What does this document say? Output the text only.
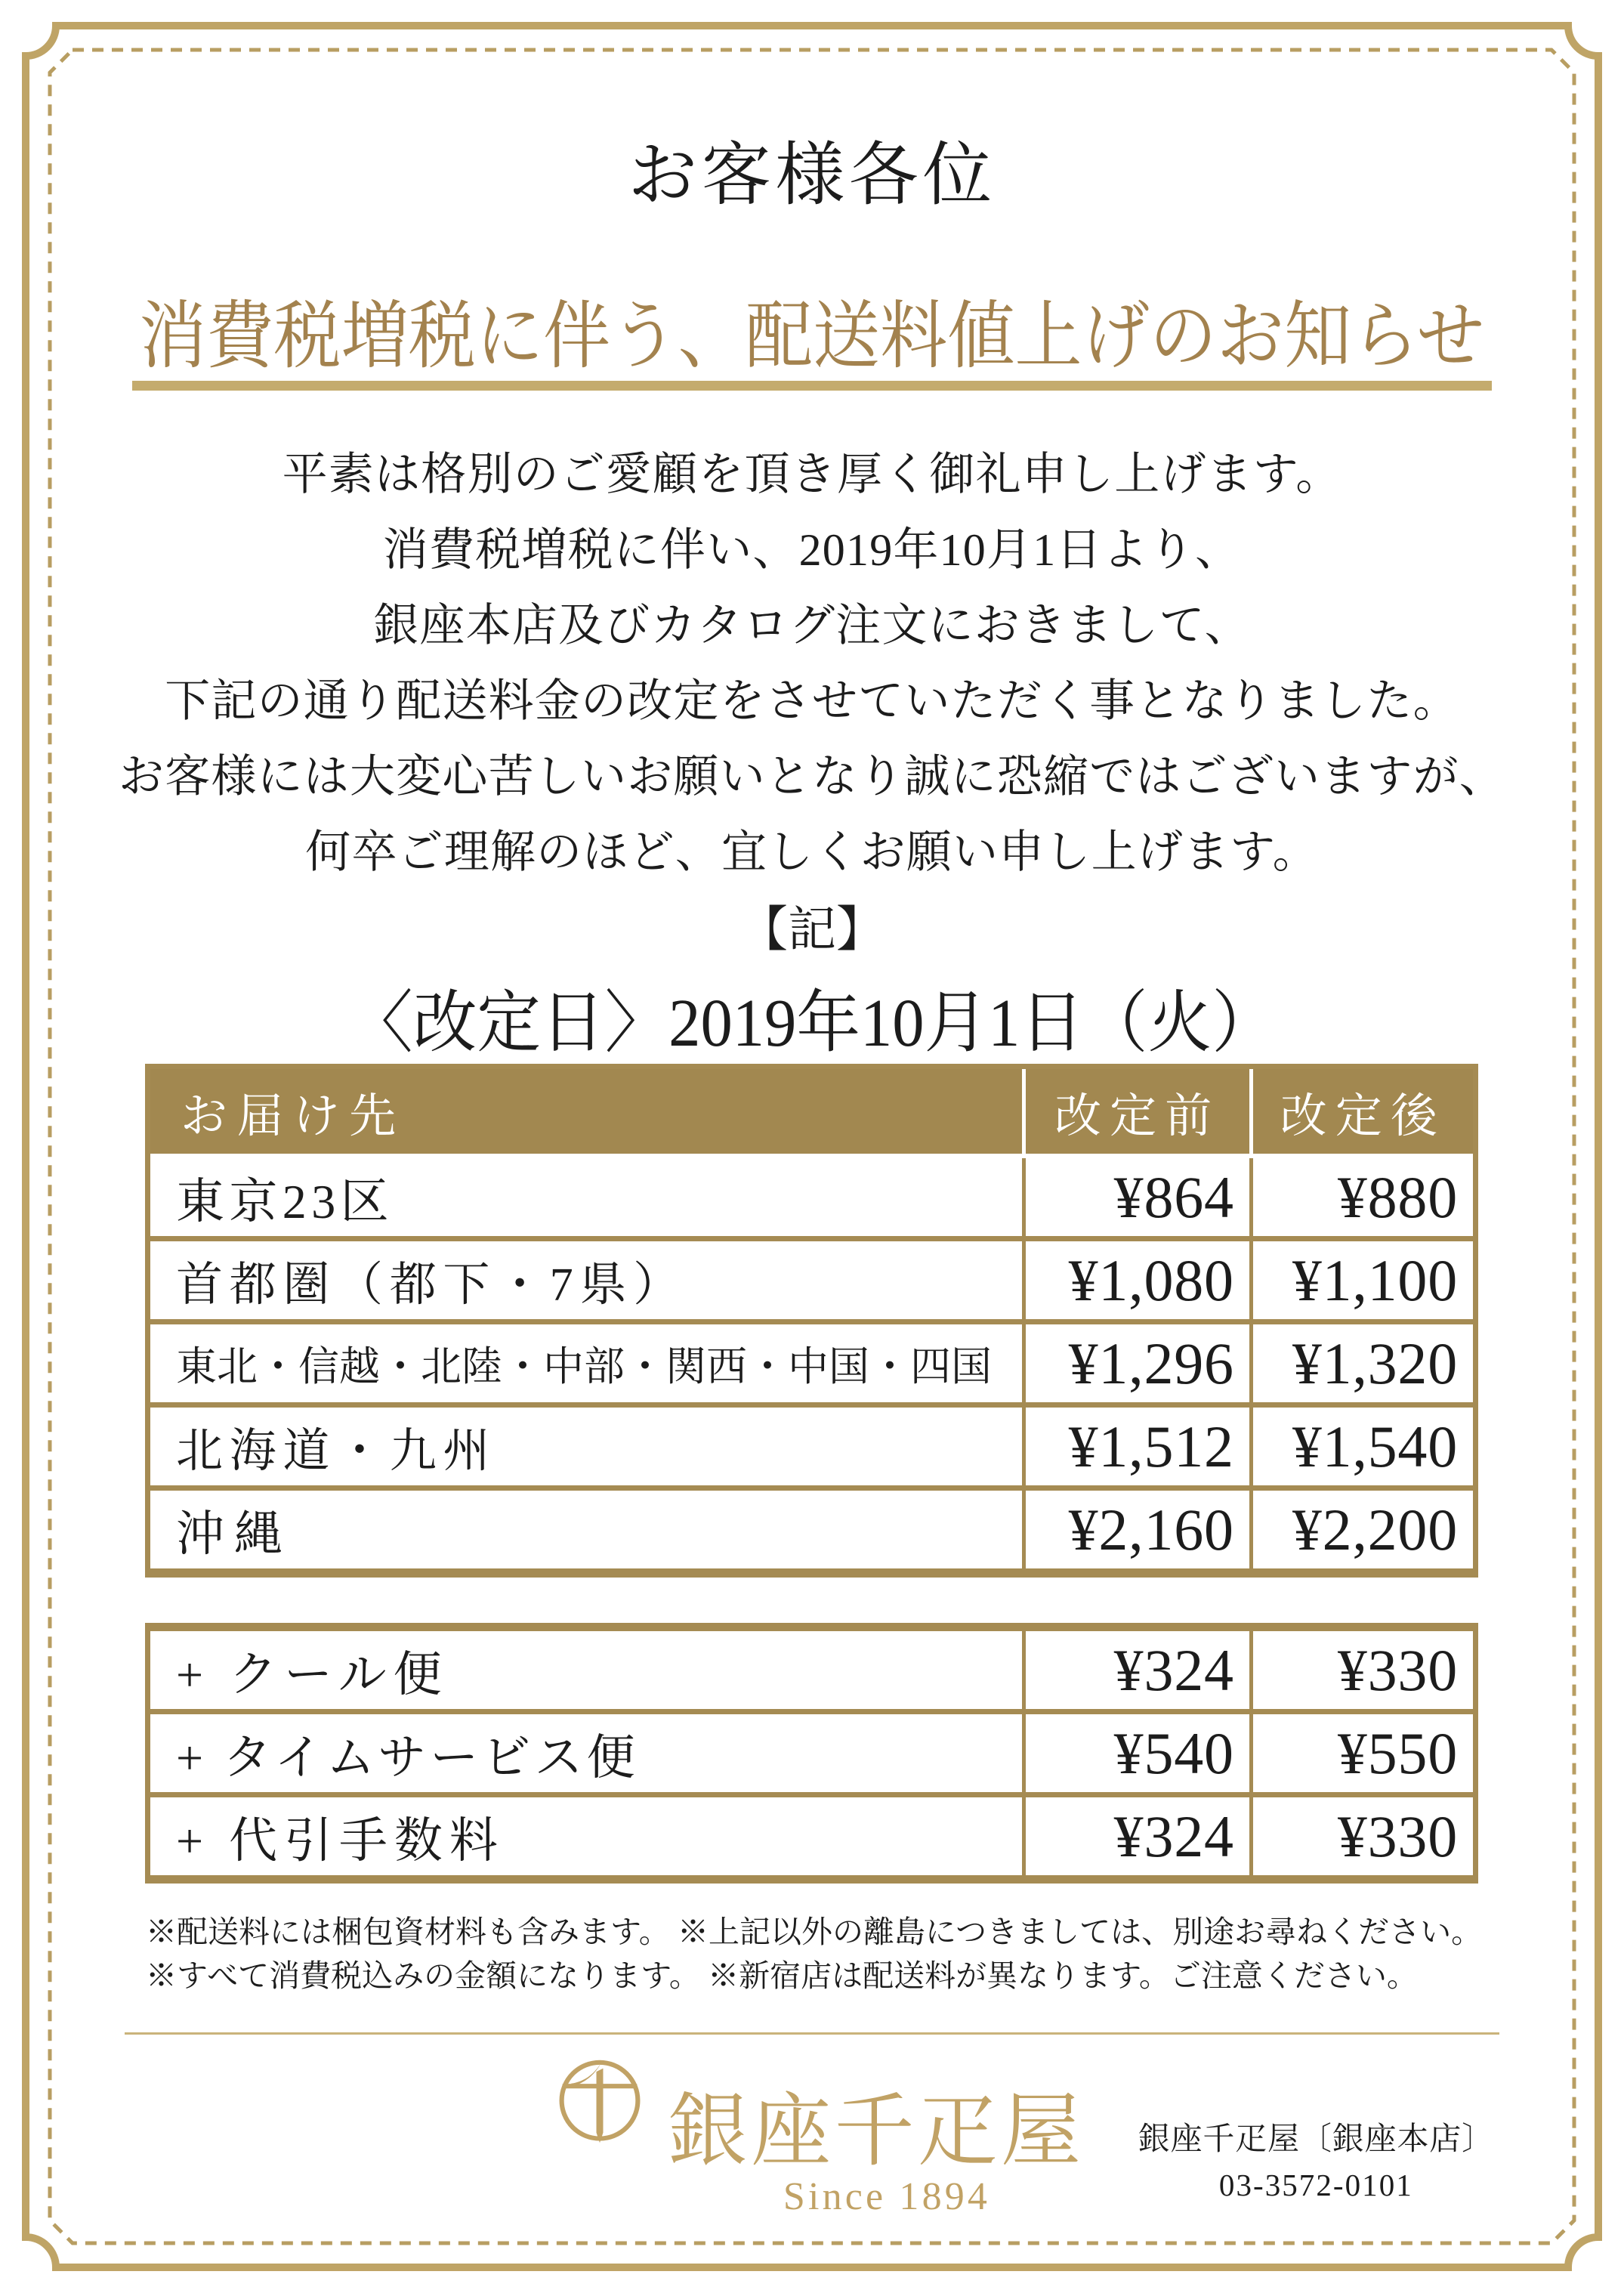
お客様各位
消費税増税に伴う、配送料値上げのお知らせ
平素は格別のご愛顧を頂き厚く御礼申し上げます。
消費税増税に伴い、2019年10月1日より、
銀座本店及びカタログ注文におきまして、
下記の通り配送料金の改定をさせていただく事となりました。
お客様には大変心苦しいお願いとなり誠に恐縮ではございますが、
何卒ご理解のほど、宜しくお願い申し上げます。
【記】
〈改定日〉2019年10月1日（火）
お届け先	改定前	改定後
東京23区	¥864	¥880
首都圏（都下・7県）	¥1,080	¥1,100
東北・信越・北陸・中部・関西・中国・四国	¥1,296	¥1,320
北海道・九州	¥1,512	¥1,540
沖縄	¥2,160	¥2,200
+ クール便	¥324	¥330
+ タイムサービス便	¥540	¥550
+ 代引手数料	¥324	¥330
※配送料には梱包資材料も含みます。 ※上記以外の離島につきましては、別途お尋ねください。
※すべて消費税込みの金額になります。 ※新宿店は配送料が異なります。ご注意ください。
銀座千疋屋
Since 1894
銀座千疋屋〔銀座本店〕
03-3572-0101
